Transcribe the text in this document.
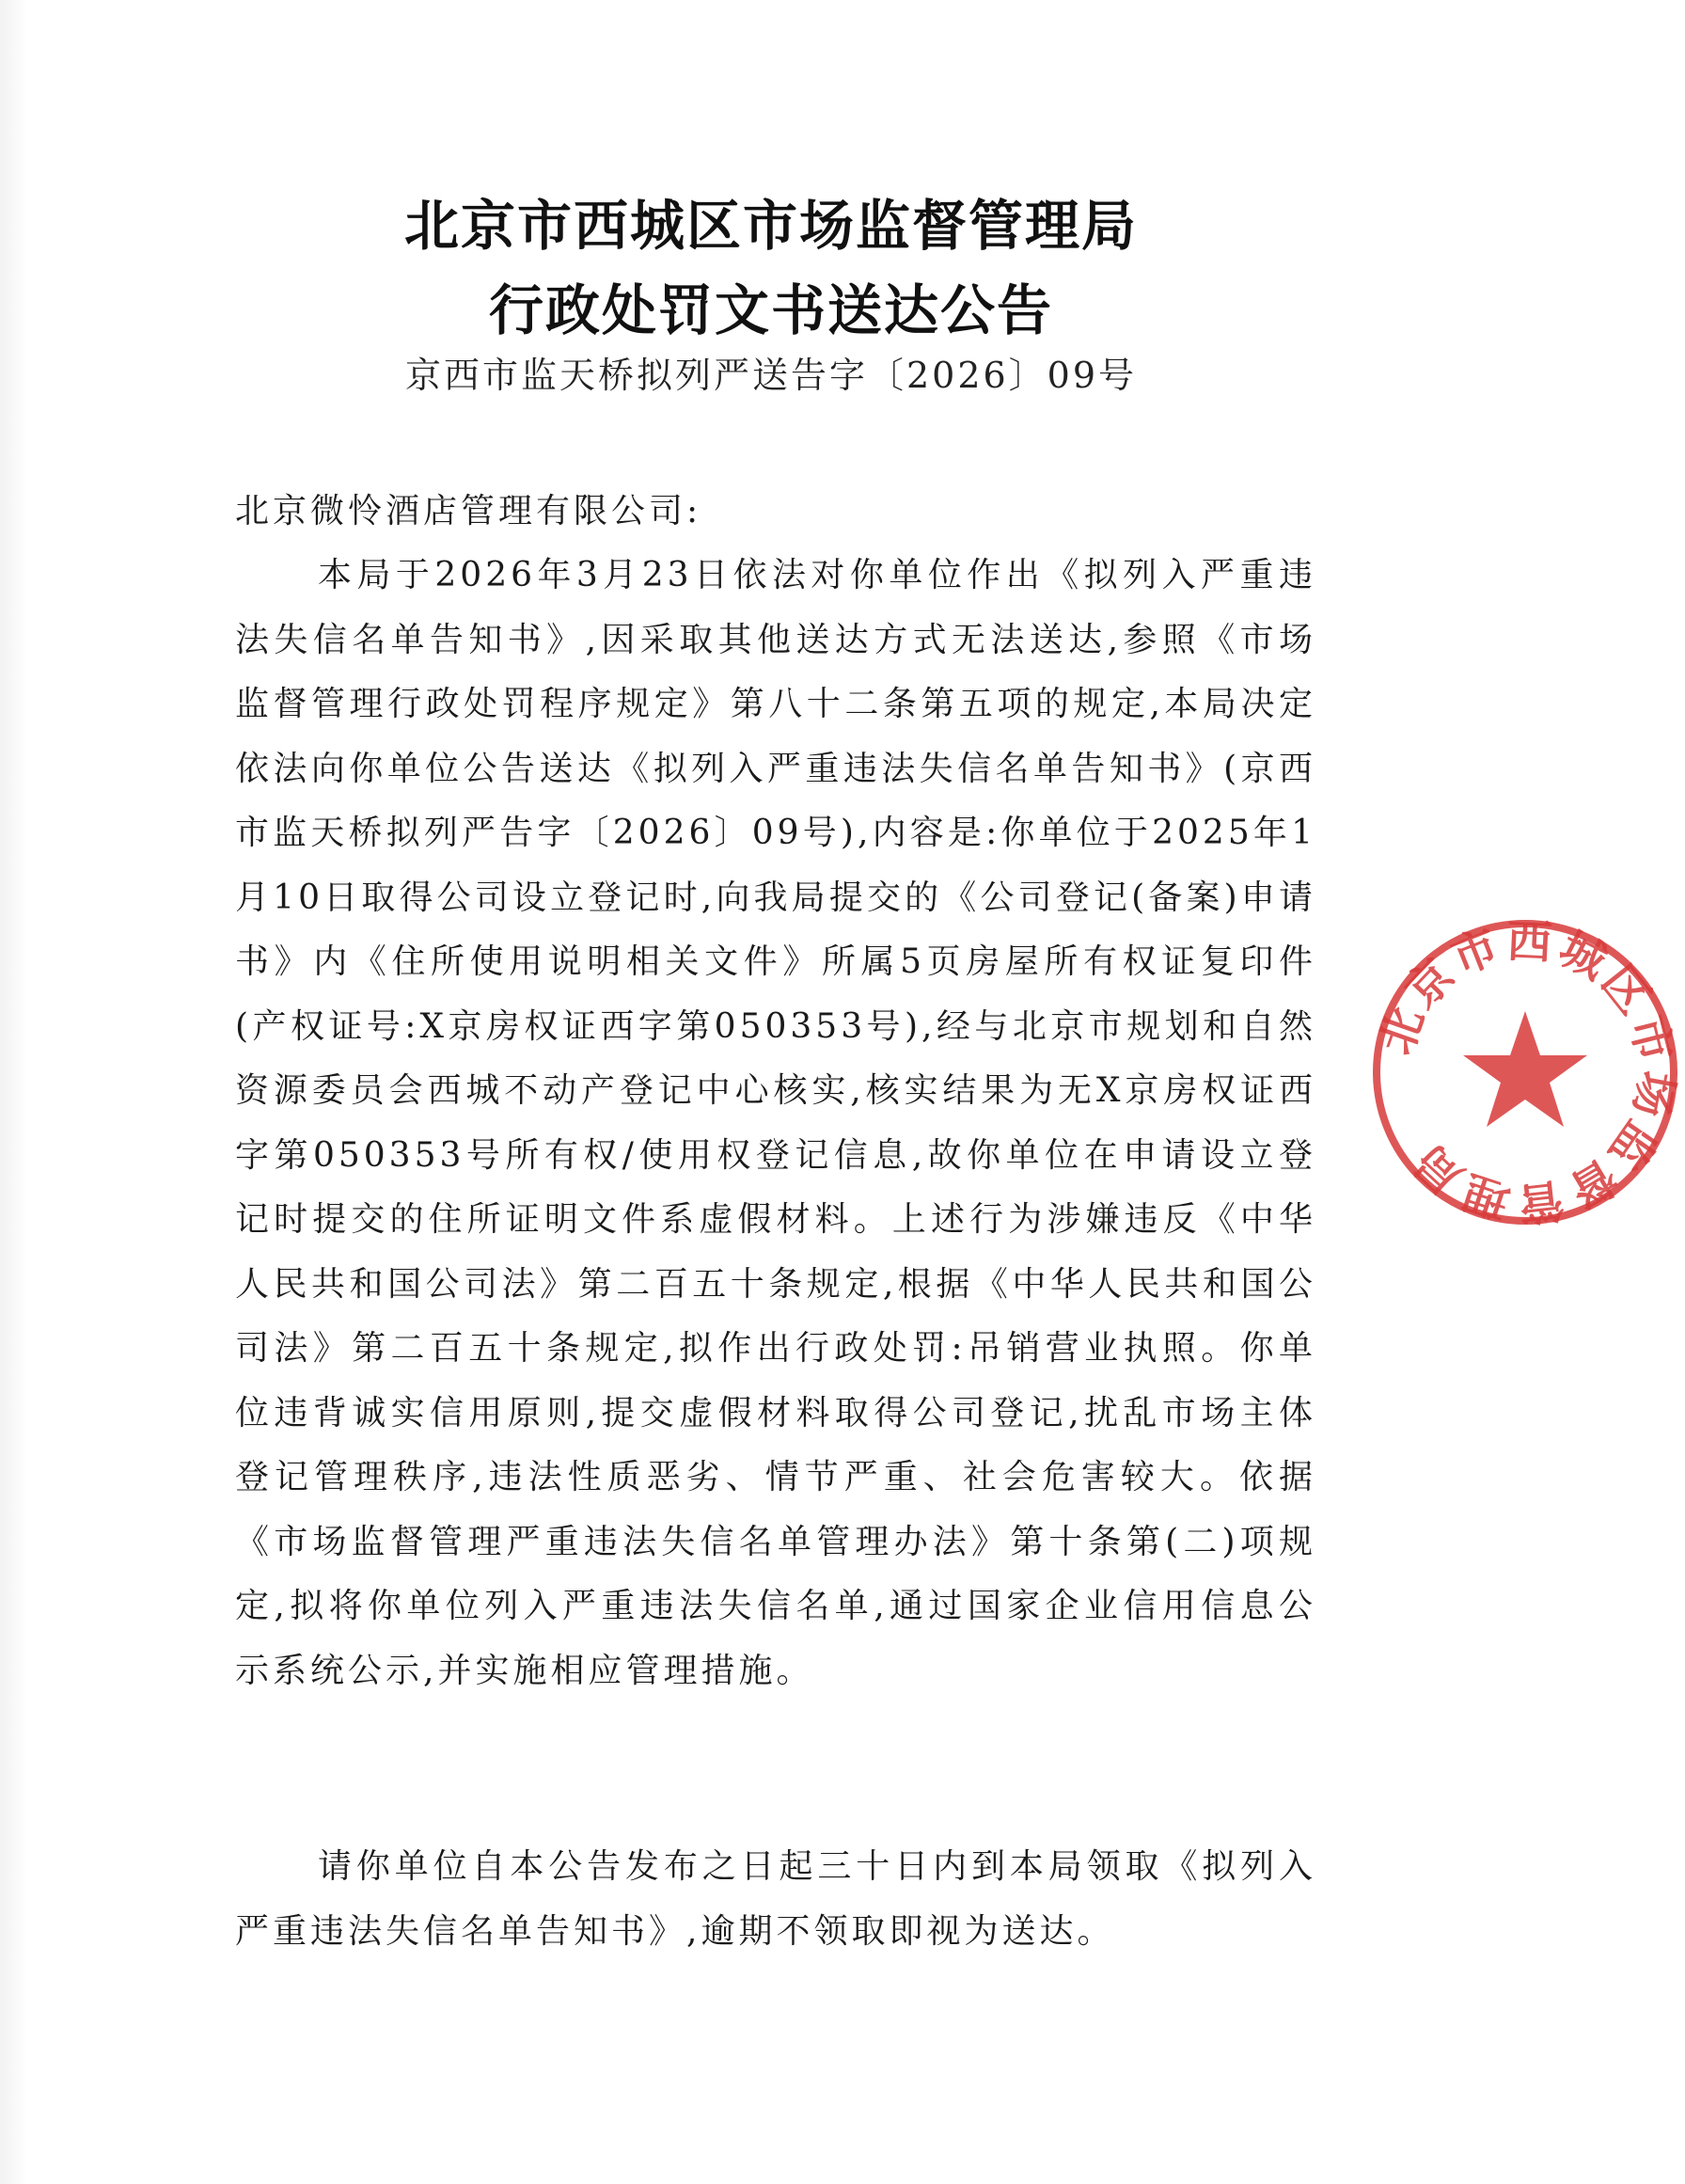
北京市西城区市场监督管理局
行政处罚文书送达公告
京西市监天桥拟列严送告字〔2026〕09号
北京微怜酒店管理有限公司:
本局于2026年3月23日依法对你单位作出《拟列入严重违法失信名单告知书》,因采取其他送达方式无法送达,参照《市场监督管理行政处罚程序规定》第八十二条第五项的规定,本局决定依法向你单位公告送达《拟列入严重违法失信名单告知书》(京西市监天桥拟列严告字〔2026〕09号),内容是:你单位于2025年1月10日取得公司设立登记时,向我局提交的《公司登记(备案)申请书》内《住所使用说明相关文件》所属5页房屋所有权证复印件(产权证号:X京房权证西字第050353号),经与北京市规划和自然资源委员会西城不动产登记中心核实,核实结果为无X京房权证西字第050353号所有权/使用权登记信息,故你单位在申请设立登记时提交的住所证明文件系虚假材料。上述行为涉嫌违反《中华人民共和国公司法》第二百五十条规定,根据《中华人民共和国公司法》第二百五十条规定,拟作出行政处罚:吊销营业执照。你单位违背诚实信用原则,提交虚假材料取得公司登记,扰乱市场主体登记管理秩序,违法性质恶劣、情节严重、社会危害较大。依据《市场监督管理严重违法失信名单管理办法》第十条第(二)项规定,拟将你单位列入严重违法失信名单,通过国家企业信用信息公示系统公示,并实施相应管理措施。
请你单位自本公告发布之日起三十日内到本局领取《拟列入严重违法失信名单告知书》,逾期不领取即视为送达。
北京市西城区市场监督管理局
